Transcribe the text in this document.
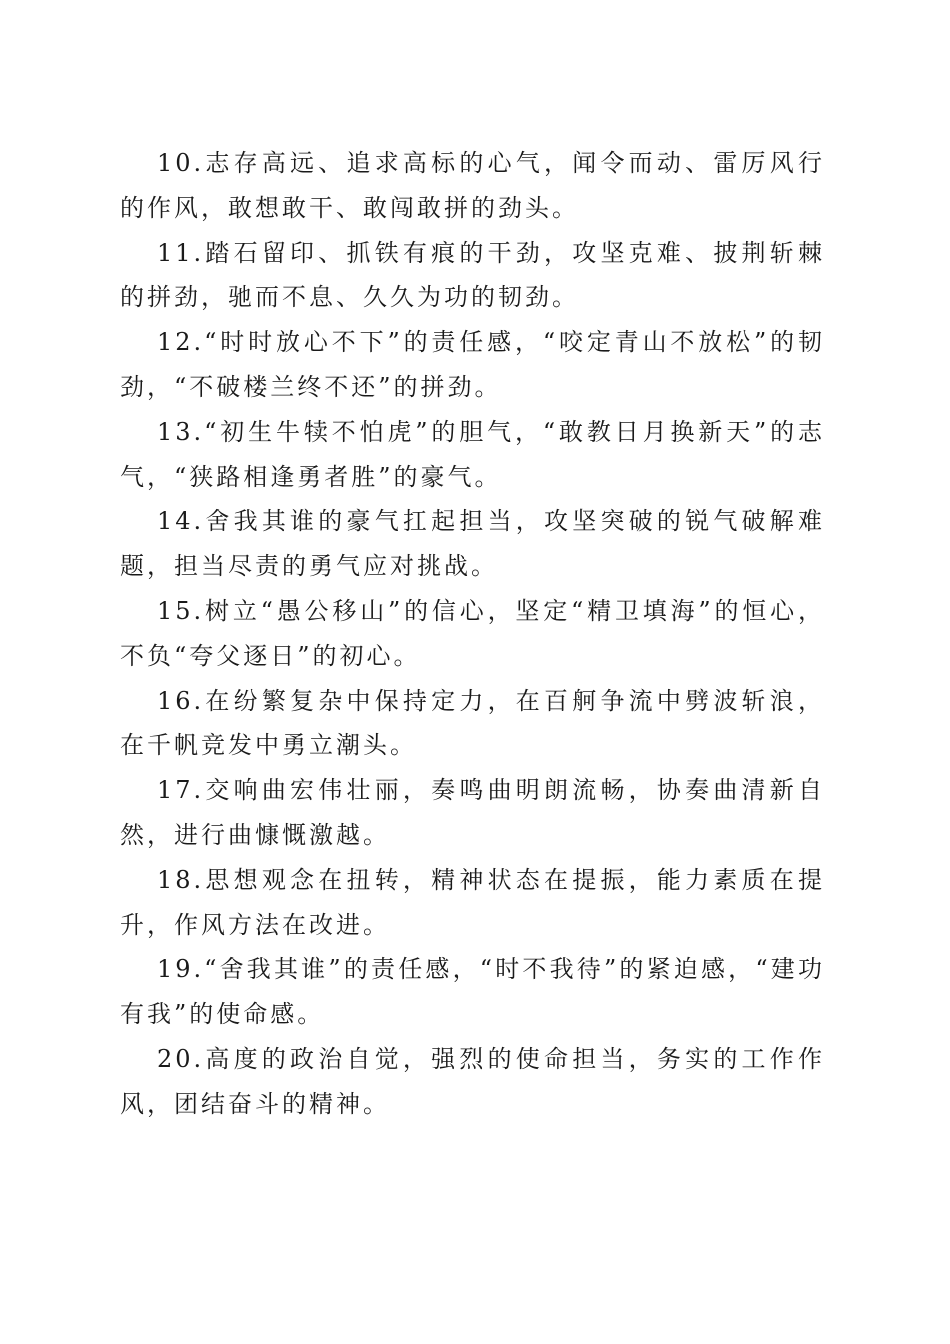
10.志存高远、追求高标的心气，闻令而动、雷厉风行的作风，敢想敢干、敢闯敢拼的劲头。

11.踏石留印、抓铁有痕的干劲，攻坚克难、披荆斩棘的拼劲，驰而不息、久久为功的韧劲。

12.“时时放心不下”的责任感，“咬定青山不放松”的韧劲，“不破楼兰终不还”的拼劲。

13.“初生牛犊不怕虎”的胆气，“敢教日月换新天”的志气，“狭路相逢勇者胜”的豪气。

14.舍我其谁的豪气扛起担当，攻坚突破的锐气破解难题，担当尽责的勇气应对挑战。

15.树立“愚公移山”的信心，坚定“精卫填海”的恒心，不负“夸父逐日”的初心。

16.在纷繁复杂中保持定力，在百舸争流中劈波斩浪，在千帆竞发中勇立潮头。

17.交响曲宏伟壮丽，奏鸣曲明朗流畅，协奏曲清新自然，进行曲慷慨激越。

18.思想观念在扭转，精神状态在提振，能力素质在提升，作风方法在改进。

19.“舍我其谁”的责任感，“时不我待”的紧迫感，“建功有我”的使命感。

20.高度的政治自觉，强烈的使命担当，务实的工作作风，团结奋斗的精神。
